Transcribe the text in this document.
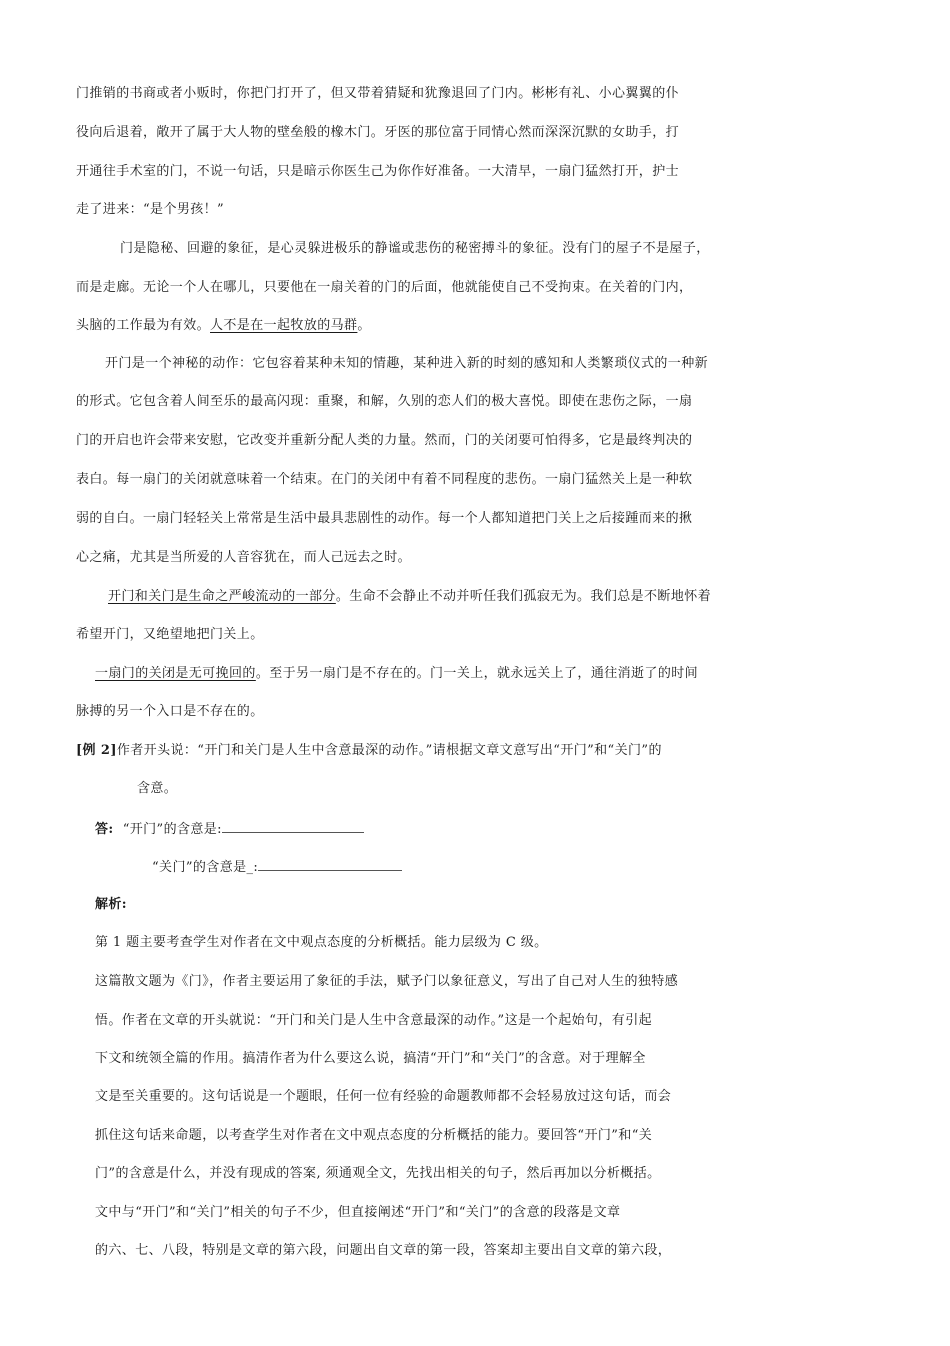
门推销的书商或者小贩时，你把门打开了，但又带着猜疑和犹豫退回了门内。彬彬有礼、小心翼翼的仆

役向后退着，敞开了属于大人物的壁垒般的橡木门。牙医的那位富于同情心然而深深沉默的女助手，打

开通往手术室的门，不说一句话，只是暗示你医生己为你作好准备。一大清早，一扇门猛然打开，护士

走了进来：“是个男孩！”

门是隐秘、回避的象征，是心灵躲进极乐的静谧或悲伤的秘密搏斗的象征。没有门的屋子不是屋子，

而是走廊。无论一个人在哪儿，只要他在一扇关着的门的后面，他就能使自己不受拘束。在关着的门内，

头脑的工作最为有效。人不是在一起牧放的马群。

开门是一个神秘的动作：它包容着某种未知的情趣，某种进入新的时刻的感知和人类繁琐仪式的一种新

的形式。它包含着人间至乐的最高闪现：重聚，和解，久别的恋人们的极大喜悦。即使在悲伤之际，一扇

门的开启也许会带来安慰，它改变并重新分配人类的力量。然而，门的关闭要可怕得多，它是最终判决的

表白。每一扇门的关闭就意味着一个结束。在门的关闭中有着不同程度的悲伤。一扇门猛然关上是一种软

弱的自白。一扇门轻轻关上常常是生活中最具悲剧性的动作。每一个人都知道把门关上之后接踵而来的揪

心之痛，尤其是当所爱的人音容犹在，而人己远去之时。

开门和关门是生命之严峻流动的一部分。生命不会静止不动并听任我们孤寂无为。我们总是不断地怀着

希望开门，又绝望地把门关上。

一扇门的关闭是无可挽回的。至于另一扇门是不存在的。门一关上，就永远关上了，通往消逝了的时间

脉搏的另一个入口是不存在的。

[例 2]作者开头说：“开门和关门是人生中含意最深的动作。”请根据文章文意写出“开门”和“关门”的

含意。

答: “开门”的含意是:

“关门”的含意是_:

解析:

第 1 题主要考查学生对作者在文中观点态度的分析概括。能力层级为 C 级。

这篇散文题为《门》，作者主要运用了象征的手法，赋予门以象征意义，写出了自己对人生的独特感

悟。作者在文章的开头就说：“开门和关门是人生中含意最深的动作。”这是一个起始句，有引起

下文和统领全篇的作用。搞清作者为什么要这么说，搞清“开门”和“关门”的含意。对于理解全

文是至关重要的。这句话说是一个题眼，任何一位有经验的命题教师都不会轻易放过这句话，而会

抓住这句话来命题，以考查学生对作者在文中观点态度的分析概括的能力。要回答“开门”和“关

门”的含意是什么，并没有现成的答案, 须通观全文，先找出相关的句子，然后再加以分析概括。

文中与“开门”和“关门”相关的句子不少，但直接阐述“开门”和“关门”的含意的段落是文章

的六、七、八段，特别是文章的第六段，问题出自文章的第一段，答案却主要出自文章的第六段，
